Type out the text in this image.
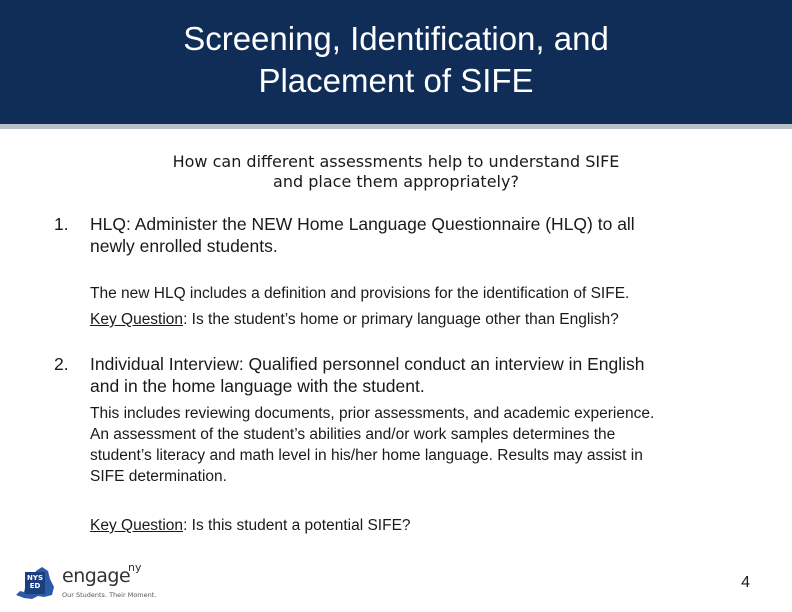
Screening, Identification, and
Placement of SIFE
How can different assessments help to understand SIFE
and place them appropriately?
1.	HLQ: Administer the NEW Home Language Questionnaire (HLQ) to all
newly enrolled students.
The new HLQ includes a definition and provisions for the identification of SIFE.
Key Question: Is the student’s home or primary language other than English?
2.	Individual Interview: Qualified personnel conduct an interview in English
and in the home language with the student.
This includes reviewing documents, prior assessments, and academic experience.
An assessment of the student’s abilities and/or work samples determines the
student’s literacy and math level in his/her home language. Results may assist in
SIFE determination.
Key Question: Is this student a potential SIFE?
NYS ED engage
ny
Our Students. Their Moment.
4
